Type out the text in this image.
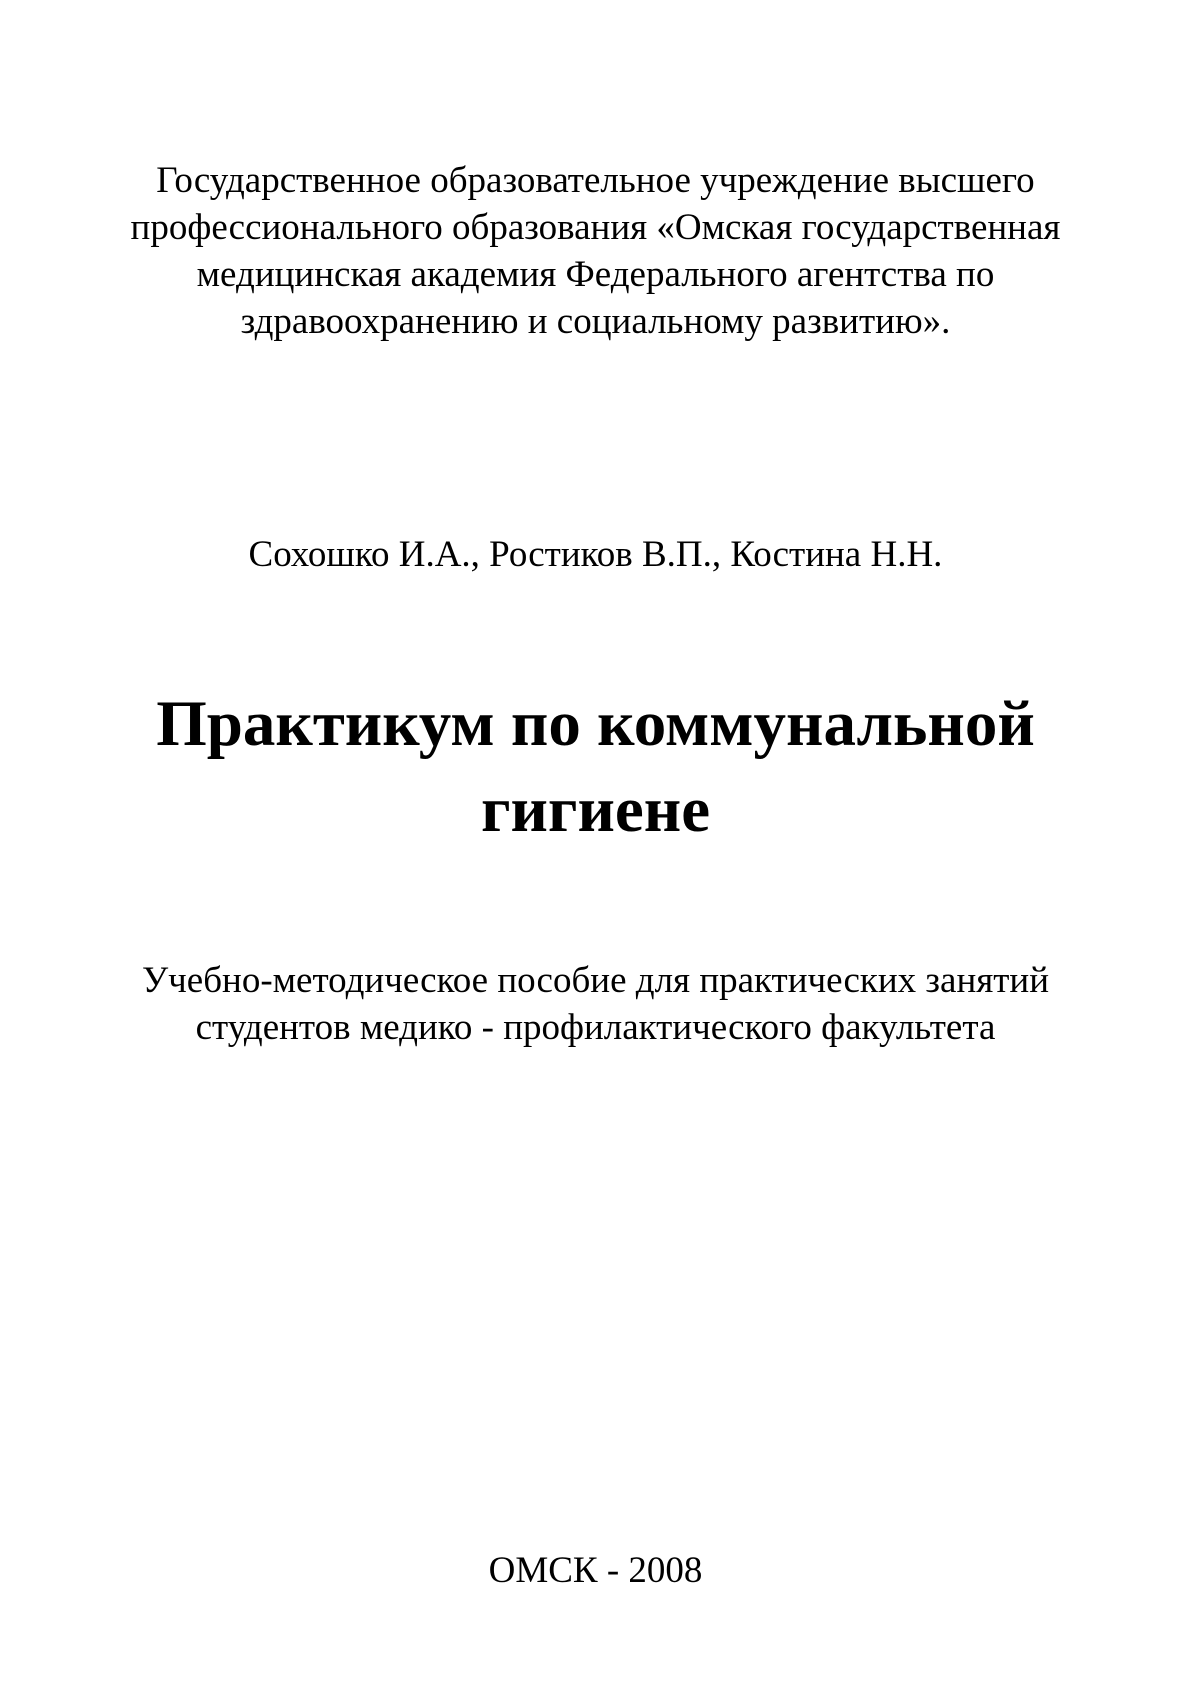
Государственное образовательное учреждение высшего
профессионального образования «Омская государственная
медицинская академия Федерального агентства по
здравоохранению и социальному развитию».
Сохошко И.А., Ростиков В.П., Костина Н.Н.
Практикум по коммунальной
гигиене
Учебно-методическое пособие для практических занятий
студентов медико - профилактического факультета
ОМСК - 2008
